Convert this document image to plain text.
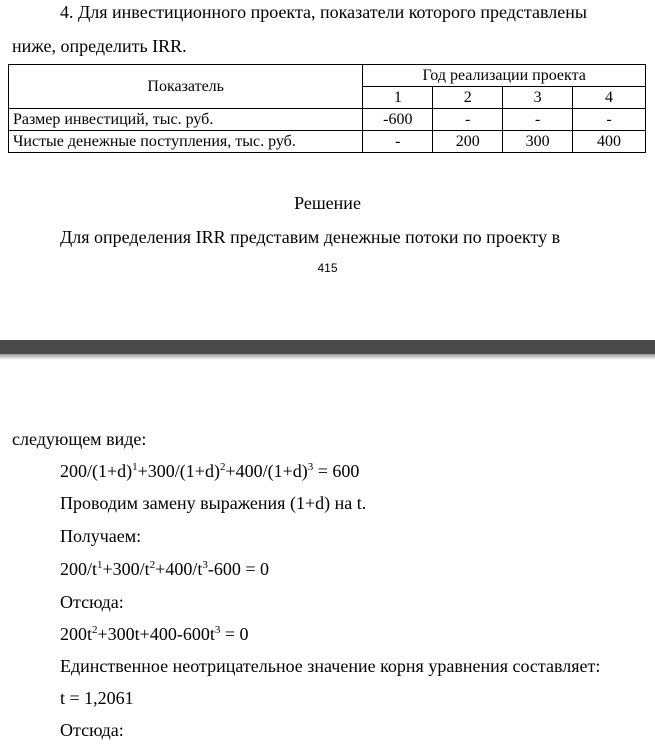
4. Для инвестиционного проекта, показатели которого представлены
ниже, определить IRR.
Показатель	Год реализации проекта			
	1	2	3	4
Размер инвестиций, тыс. руб.	-600	-	-	-
Чистые денежные поступления, тыс. руб.	-	200	300	400
Решение
Для определения IRR представим денежные потоки по проекту в
415
следующем виде:
$200/(1+d)^1+300/(1+d)^2+400/(1+d)^3 = 600$
Проводим замену выражения (1+d) на t.
Получаем:
$200/t^1+300/t^2+400/t^3-600 = 0$
Отсюда:
$200t^2+300t+400-600t^3 = 0$
Единственное неотрицательное значение корня уравнения составляет:
t = 1,2061
Отсюда:
